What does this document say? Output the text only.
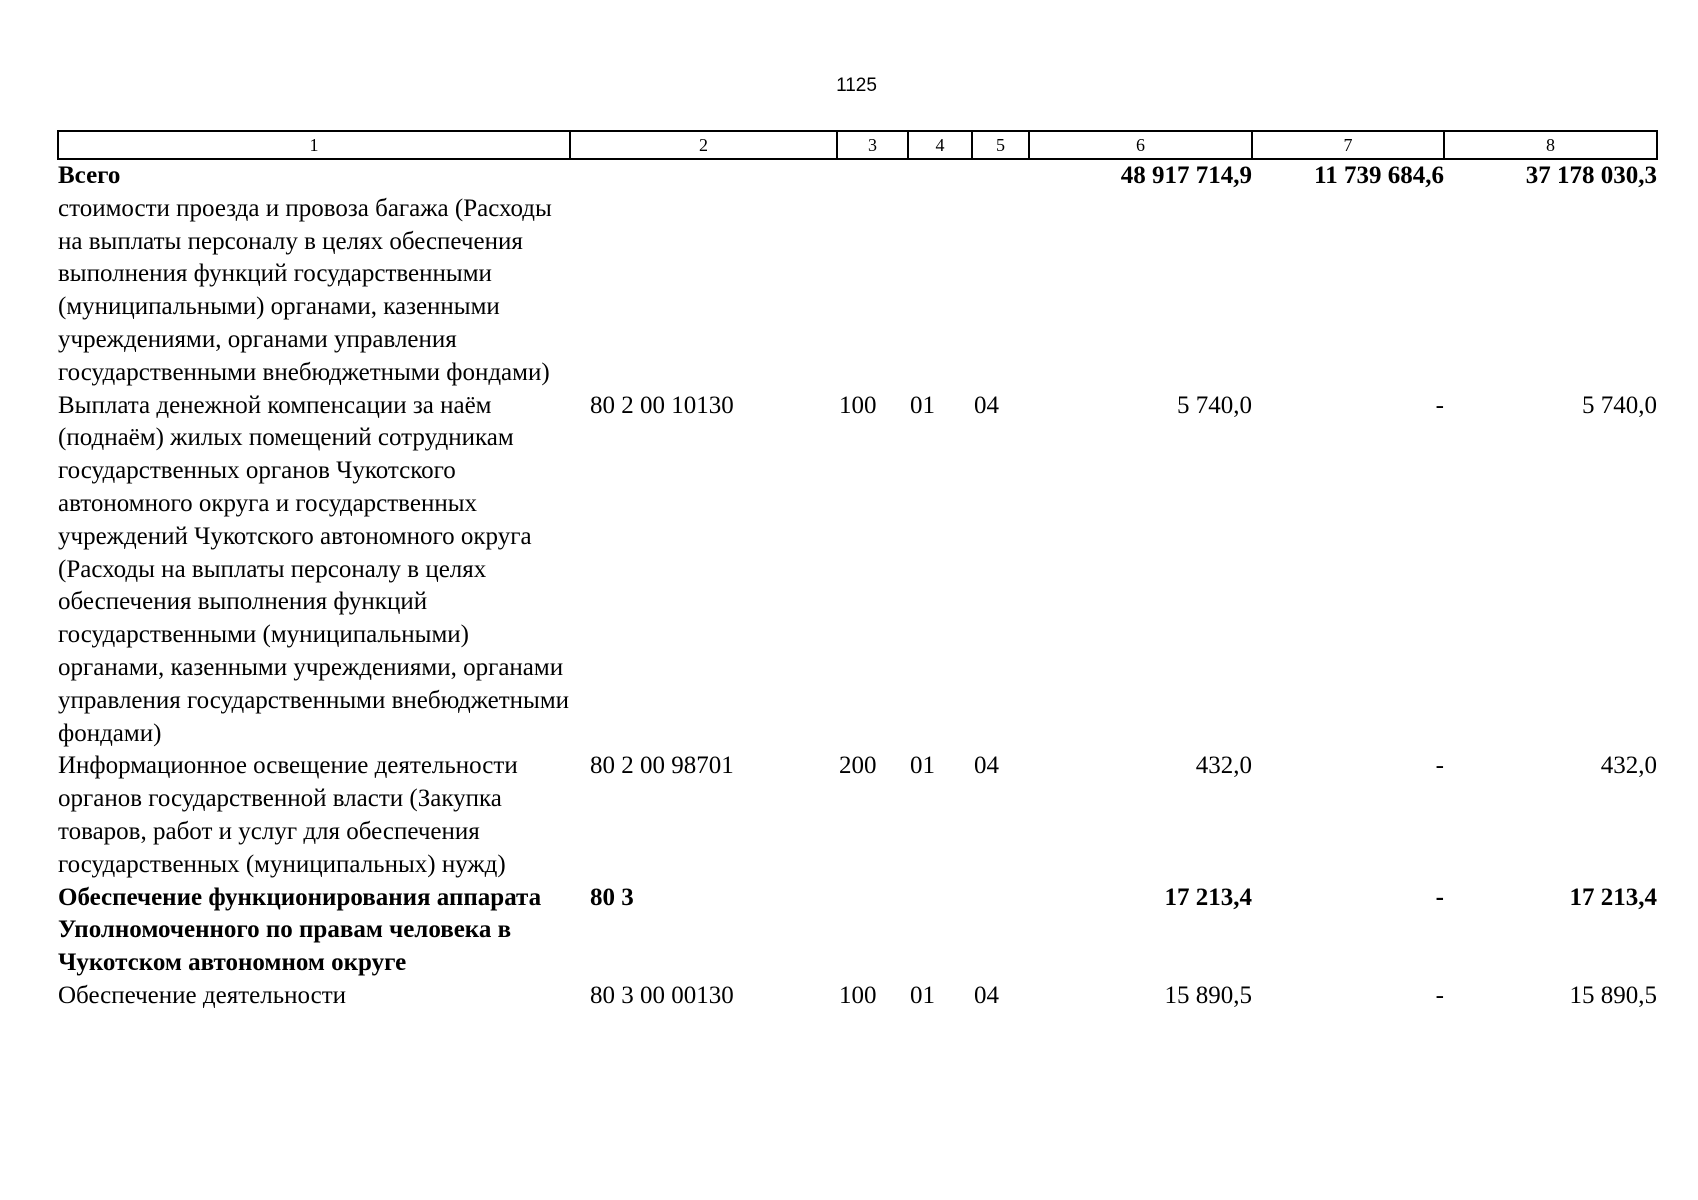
1125
1	2	3	4	5	6	7	8
Всего					48 917 714,9	11 739 684,6	37 178 030,3
стоимости проезда и провоза багажа (Расходы на выплаты персоналу в целях обеспечения выполнения функций государственными (муниципальными) органами, казенными учреждениями, органами управления государственными внебюджетными фондами)							
Выплата денежной компенсации за наём (поднаём) жилых помещений сотрудникам государственных органов Чукотского автономного округа и государственных учреждений Чукотского автономного округа (Расходы на выплаты персоналу в целях обеспечения выполнения функций государственными (муниципальными) органами, казенными учреждениями, органами управления государственными внебюджетными фондами)	80 2 00 10130	100	01	04	5 740,0	-	5 740,0
Информационное освещение деятельности органов государственной власти (Закупка товаров, работ и услуг для обеспечения государственных (муниципальных) нужд)	80 2 00 98701	200	01	04	432,0	-	432,0
Обеспечение функционирования аппарата Уполномоченного по правам человека в Чукотском автономном округе	80 3				17 213,4	-	17 213,4
Обеспечение деятельности	80 3 00 00130	100	01	04	15 890,5	-	15 890,5
